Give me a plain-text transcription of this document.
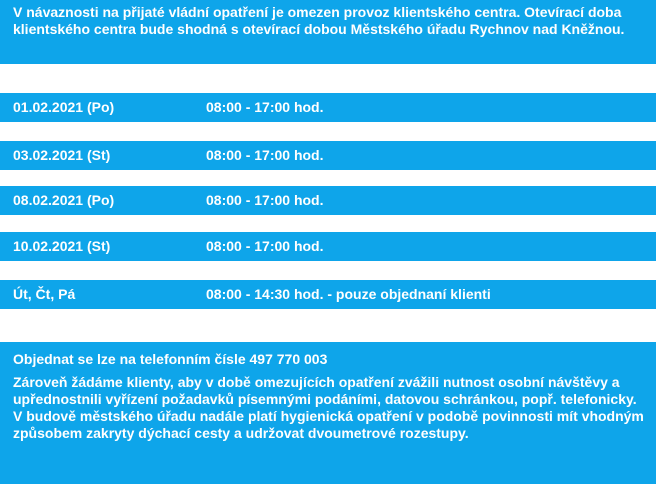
V návaznosti na přijaté vládní opatření je omezen provoz klientského centra. Otevírací doba klientského centra bude shodná s otevírací dobou Městského úřadu Rychnov nad Kněžnou.

01.02.2021 (Po)	08:00 - 17:00 hod.
03.02.2021 (St)	08:00 - 17:00 hod.
08.02.2021 (Po)	08:00 - 17:00 hod.
10.02.2021 (St)	08:00 - 17:00 hod.
Út, Čt, Pá	08:00 - 14:30 hod. - pouze objednaní klienti

Objednat se lze na telefonním čísle 497 770 003

Zároveň žádáme klienty, aby v době omezujících opatření zvážili nutnost osobní návštěvy a upřednostnili vyřízení požadavků písemnými podáními, datovou schránkou, popř. telefonicky.

V budově městského úřadu nadále platí hygienická opatření v podobě povinnosti mít vhodným způsobem zakryty dýchací cesty a udržovat dvoumetrové rozestupy.
